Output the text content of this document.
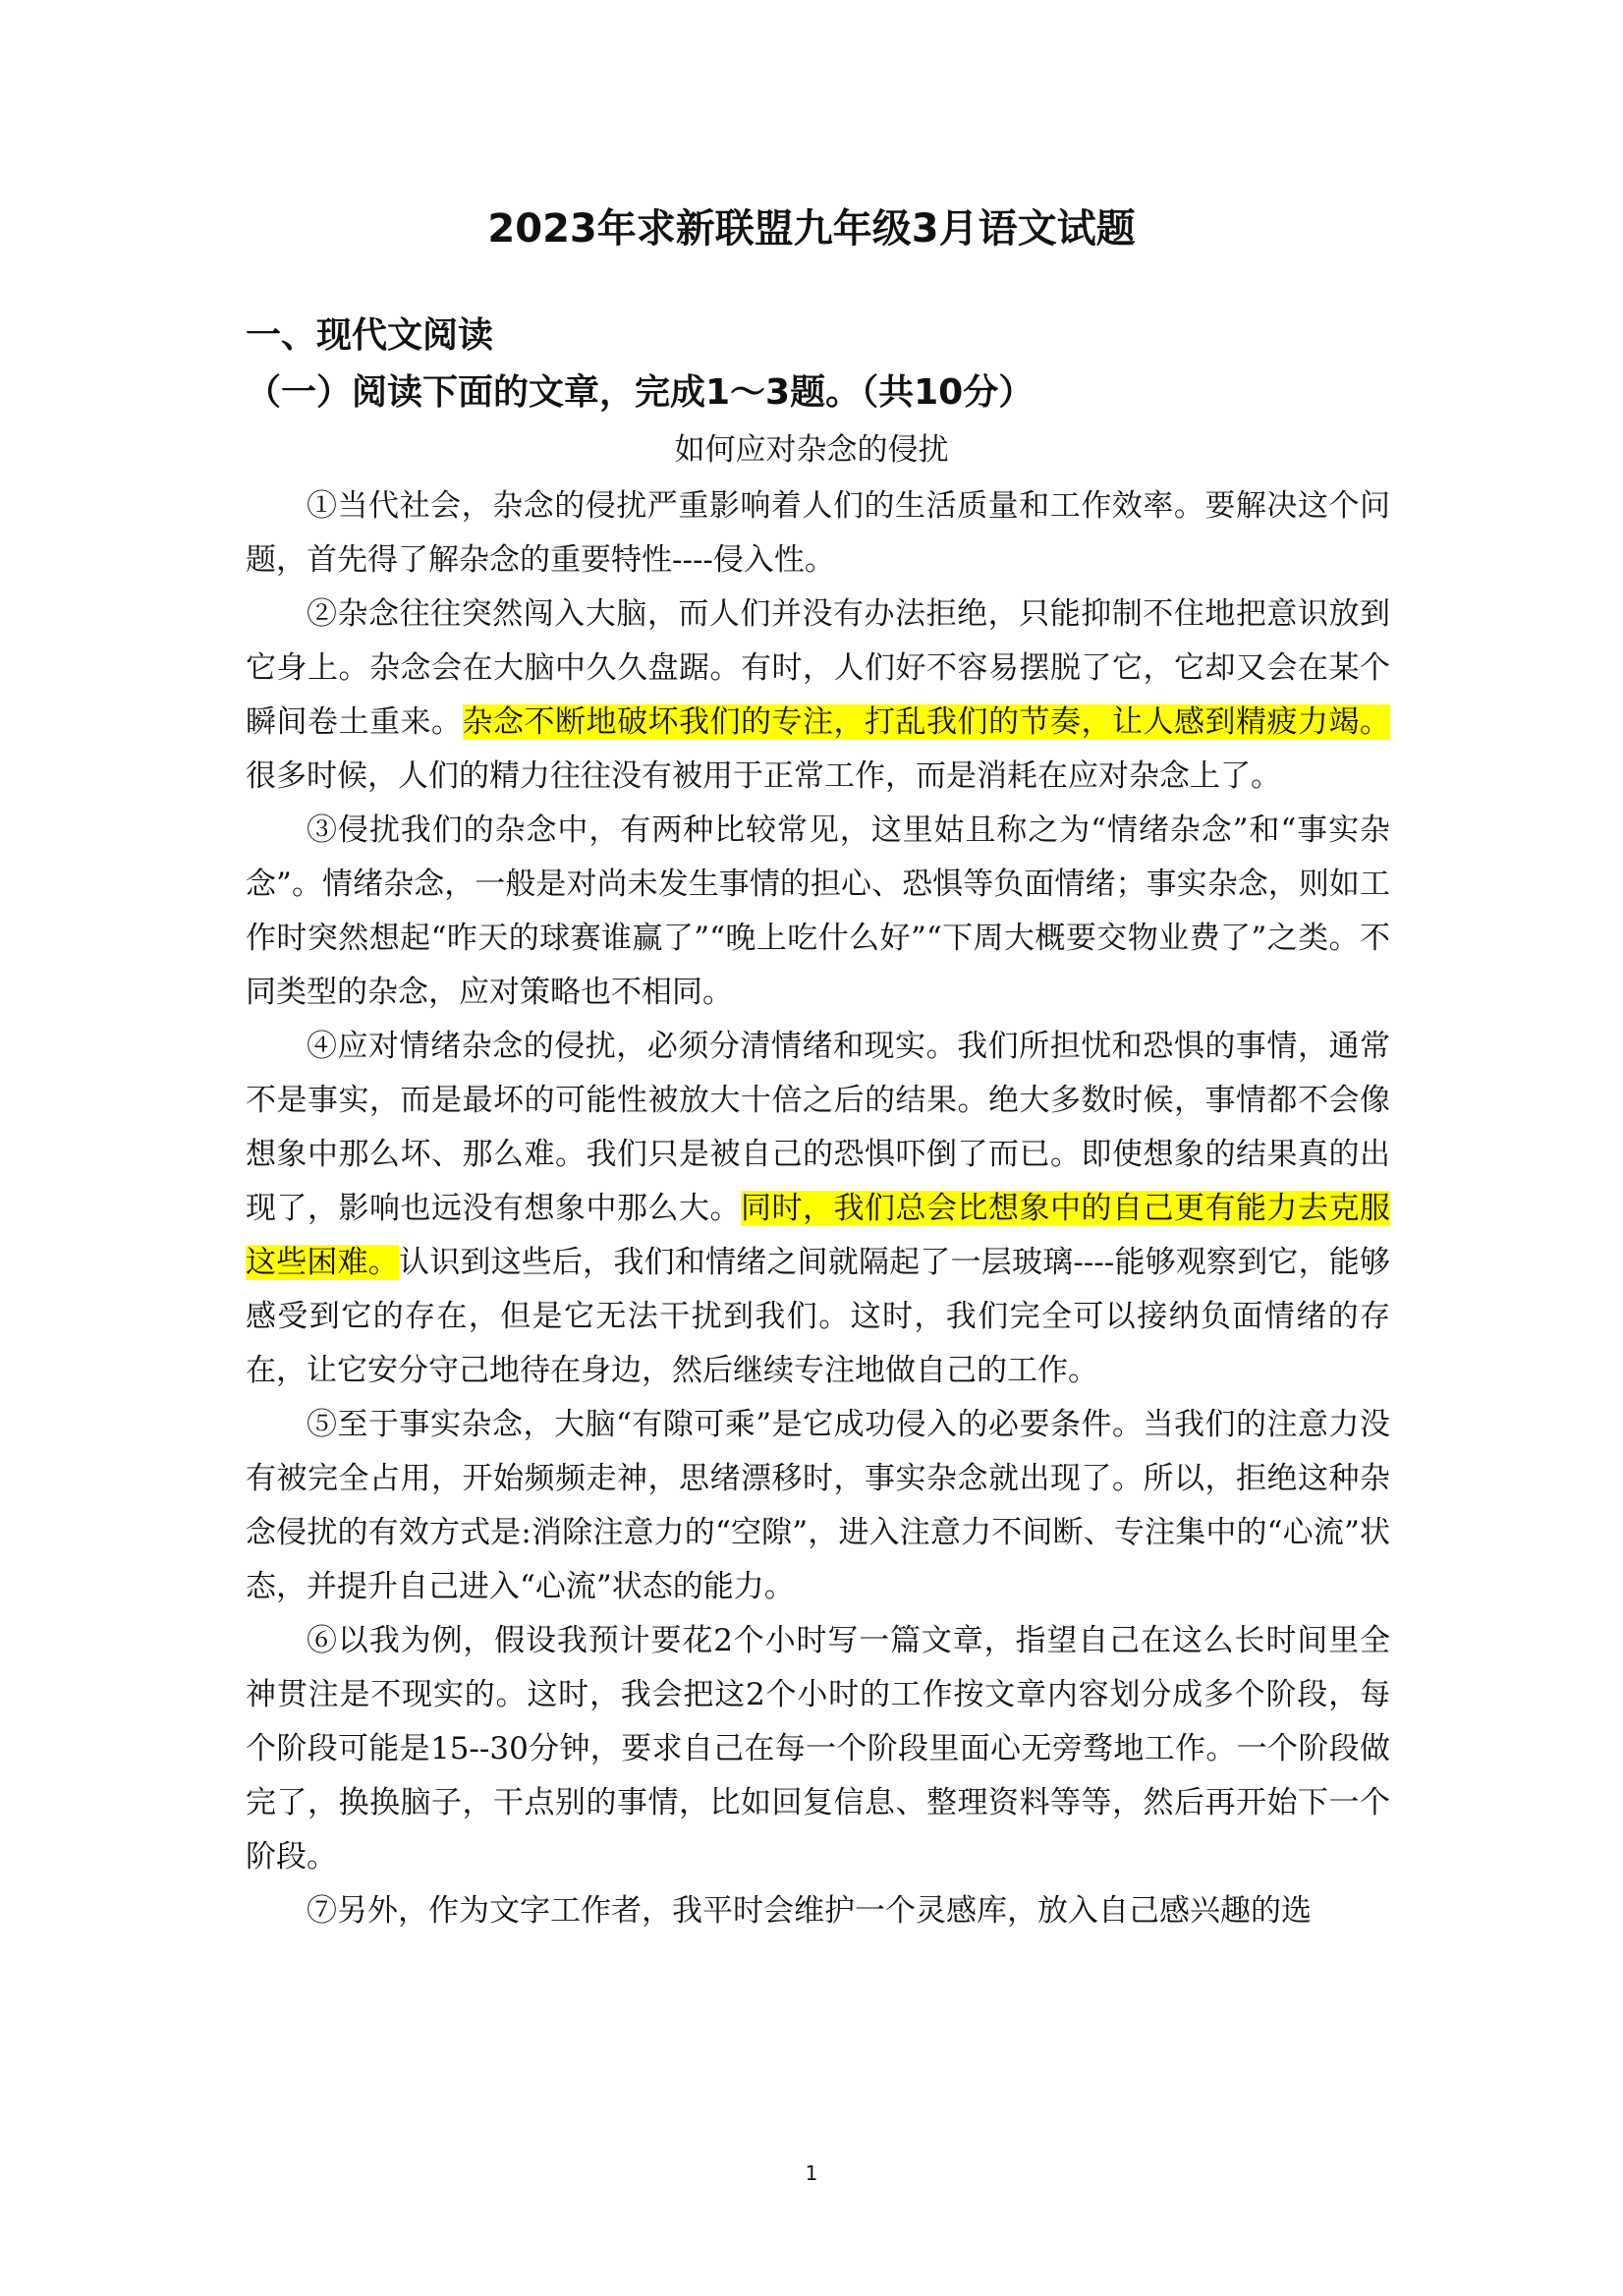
2023年求新联盟九年级3月语文试题
一、现代文阅读
（一）阅读下面的文章，完成1～3题。（共10分）
如何应对杂念的侵扰

①当代社会，杂念的侵扰严重影响着人们的生活质量和工作效率。要解决这个问题，首先得了解杂念的重要特性----侵入性。

②杂念往往突然闯入大脑，而人们并没有办法拒绝，只能抑制不住地把意识放到它身上。杂念会在大脑中久久盘踞。有时，人们好不容易摆脱了它，它却又会在某个瞬间卷土重来。杂念不断地破坏我们的专注，打乱我们的节奏，让人感到精疲力竭。很多时候，人们的精力往往没有被用于正常工作，而是消耗在应对杂念上了。

③侵扰我们的杂念中，有两种比较常见，这里姑且称之为“情绪杂念”和“事实杂念”。情绪杂念，一般是对尚未发生事情的担心、恐惧等负面情绪；事实杂念，则如工作时突然想起“昨天的球赛谁赢了”“晚上吃什么好”“下周大概要交物业费了”之类。不同类型的杂念，应对策略也不相同。

④应对情绪杂念的侵扰，必须分清情绪和现实。我们所担忧和恐惧的事情，通常不是事实，而是最坏的可能性被放大十倍之后的结果。绝大多数时候，事情都不会像想象中那么坏、那么难。我们只是被自己的恐惧吓倒了而已。即使想象的结果真的出现了，影响也远没有想象中那么大。同时，我们总会比想象中的自己更有能力去克服这些困难。认识到这些后，我们和情绪之间就隔起了一层玻璃----能够观察到它，能够感受到它的存在，但是它无法干扰到我们。这时，我们完全可以接纳负面情绪的存在，让它安分守己地待在身边，然后继续专注地做自己的工作。

⑤至于事实杂念，大脑“有隙可乘”是它成功侵入的必要条件。当我们的注意力没有被完全占用，开始频频走神，思绪漂移时，事实杂念就出现了。所以，拒绝这种杂念侵扰的有效方式是:消除注意力的“空隙”，进入注意力不间断、专注集中的“心流”状态，并提升自己进入“心流”状态的能力。

⑥以我为例，假设我预计要花2个小时写一篇文章，指望自己在这么长时间里全神贯注是不现实的。这时，我会把这2个小时的工作按文章内容划分成多个阶段，每个阶段可能是15--30分钟，要求自己在每一个阶段里面心无旁骛地工作。一个阶段做完了，换换脑子，干点别的事情，比如回复信息、整理资料等等，然后再开始下一个阶段。

⑦另外，作为文字工作者，我平时会维护一个灵感库，放入自己感兴趣的选

1
